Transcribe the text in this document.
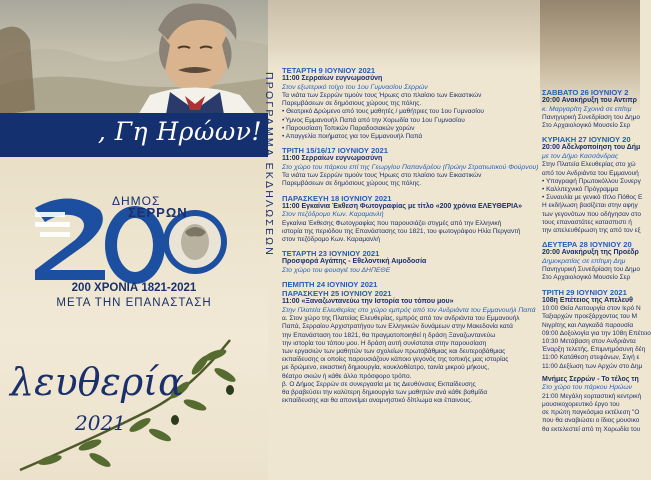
, Γη Ηρώων!
ΔΗΜΟΣ
ΣΕΡΡΩΝ
200 ΧΡΟΝΙΑ 1821-2021
ΜΕΤΑ ΤΗΝ ΕΠΑΝΑΣΤΑΣΗ
λευθερία
2021
ΠΡΟΓΡΑΜΜΑ ΕΚΔΗΛΩΣΕΩΝ
ΤΕΤΑΡΤΗ 9 ΙΟΥΝΙΟΥ 2021
11:00 Σερραίων ευγνωμοσύνη
Στον εξωτερικό τοίχο του 1ου Γυμνασίου Σερρών
Τα νιάτα των Σερρών τιμούν τους Ήρωες στο πλαίσιο των Εικαστικών
Παρεμβάσεων σε δημόσιους χώρους της πόλης.
• Θεατρικό Δρώμενο από τους μαθητές / μαθήτριες του 1ου Γυμνασίου
•Ύμνος Εμμανουήλ Παπά από την Χορωδία του 1ου Γυμνασίου
• Παρουσίαση Τοπικών Παραδοσιακών χορών
• Απαγγελία ποιήματος για τον Εμμανουήλ Παπά
ΤΡΙΤΗ 15/16/17 ΙΟΥΝΙΟΥ 2021
11:00 Σερραίων ευγνωμοσύνη
Στο χώρο του πάρκου επί της Γεωργίου Παπανδρέου (Πρώην Στρατιωτικού Φούρνου)
Τα νιάτα των Σερρών τιμούν τους Ήρωες στο πλαίσιο των Εικαστικών
Παρεμβάσεων σε δημόσιους χώρους της πόλης.
ΠΑΡΑΣΚΕΥΗ 18 ΙΟΥΝΙΟΥ 2021
11:00 Εγκαίνια Έκθεση Φωτογραφίας με τίτλο «200 χρόνια ΕΛΕΥΘΕΡΙΑ»
Στον πεζόδρομο Κων. Καραμανλή
Εγκαίνια Έκθεσης Φωτογραφίας που παρουσιάζει στιγμές από την Ελληνική
ιστορία της περιόδου της Επανάστασης του 1821, του φωτογράφου Ηλία Περγαντή
στον πεζόδρομο Κων. Καραμανλή
ΤΕΤΑΡΤΗ 23 ΙΟΥΝΙΟΥ 2021
Προσφορά Αγάπης - Εθελοντική Αιμοδοσία
Στο χώρο του φουαγιέ του ΔΗΠΕΘΕ
ΠΕΜΠΤΗ 24 ΙΟΥΝΙΟΥ 2021
ΠΑΡΑΣΚΕΥΗ 25 ΙΟΥΝΙΟΥ 2021
11:00 «Ξαναζωντανεύω την Ιστορία του τόπου μου»
Στην Πλατεία Ελευθερίας στο χώρο εμπρός από τον Ανδριάντα του Εμμανουήλ Παπά
α. Στον χώρο της Πλατείας Ελευθερίας, εμπρός από τον ανδριάντα του Εμμανουήλ
Παπά, Σερραίου Αρχιστρατήγου των Ελληνικών δυνάμεων στην Μακεδονία κατά
την Επανάσταση του 1821, θα πραγματοποιηθεί η δράση Ξαναζωντανεύω
την ιστορία του τόπου μου. Η δράση αυτή συνίσταται στην παρουσίαση
των εργασιών των μαθητών των σχολείων πρωτοβάθμιας και δευτεροβάθμιας
εκπαίδευσης οι οποίες παρουσιάζουν κάποιο γεγονός της τοπικής μας ιστορίας
με δρώμενο, εικαστική δημιουργία, κουκλοθέατρο, ταινία μικρού μήκους,
θέατρο σκιών ή κάθε άλλο πρόσφορο τρόπο.
β. Ο Δήμος Σερρών σε συνεργασία με τις Διευθύνσεις Εκπαίδευσης
θα βραβεύσει την καλύτερη δημιουργία των μαθητών ανά κάθε βαθμίδα
εκπαίδευσης και θα απονείμει αναμνηστικό δίπλωμα και έπαινους.
ΣΑΒΒΑΤΟ 26 ΙΟΥΝΙΟΥ 2
20:00 Ανακήρυξη του Αντιπρ
κ. Μαργαρίτη Σχοινά σε επίτιμ
Πανηγυρική Συνεδρίαση του Δημο
Στο Αρχαιολογικό Μουσείο Σερ
ΚΥΡΙΑΚΗ 27 ΙΟΥΝΙΟΥ 20
20:00 Αδελφοποίηση του Δήμ
με τον Δήμο Κασσάνδρας
Στην Πλατεία Ελευθερίας στο χώ
από τον Ανδριάντα του Εμμανουή
• Υπογραφή Πρωτοκόλλου Συνεργ
• Καλλιτεχνικό Πρόγραμμα
• Συναυλία με γενικό τίτλο Πόθος Ε
Η εκδήλωση βασίζεται στην αφηγ
των γεγονότων που οδήγησαν στο
τους επαναστάτες κατασπιστι ή
την απελευθέρωση της από τον εξ
ΔΕΥΤΕΡΑ 28 ΙΟΥΝΙΟΥ 20
20:00 Ανακήρυξη της Προέδρ
Δημοκρατίας σε επίτιμη Δημ
Πανηγυρική Συνεδρίαση του Δημο
Στο Αρχαιολογικό Μουσείο Σερ
ΤΡΙΤΗ 29 ΙΟΥΝΙΟΥ 2021
108η Επέτειος της Απελευθ
10:00 Θεία Λειτουργία στον Ιερό Ν
Ταξιαρχών προεξάρχοντος του Μ
Νιγρίτης και Λαγκαδά παρουσία
09:00 Δοξολογία για την 108η Επέτειο
10:30 Μετάβαση στον Ανδριάντα
Έναρξη τελετής, Επιμνημόσυνη δέη
11:00 Κατάθεση στεφάνων, Σιγή ε
11:00 Δεξίωση των Αρχών στο Δημ
Μνήμες Σερρών - Το τέλος τη
Στο χώρο του πάρκου Ηρώων
21:00 Μεγάλη εορταστική κεντρική
μουσικοχορευτικό έργο του
σε πρώτη παγκόσμια εκτέλεση "Ο
που θα αναβιώσει ο ίδιος μουσικο
θα εκτελεστεί από τη Χορωδία του
